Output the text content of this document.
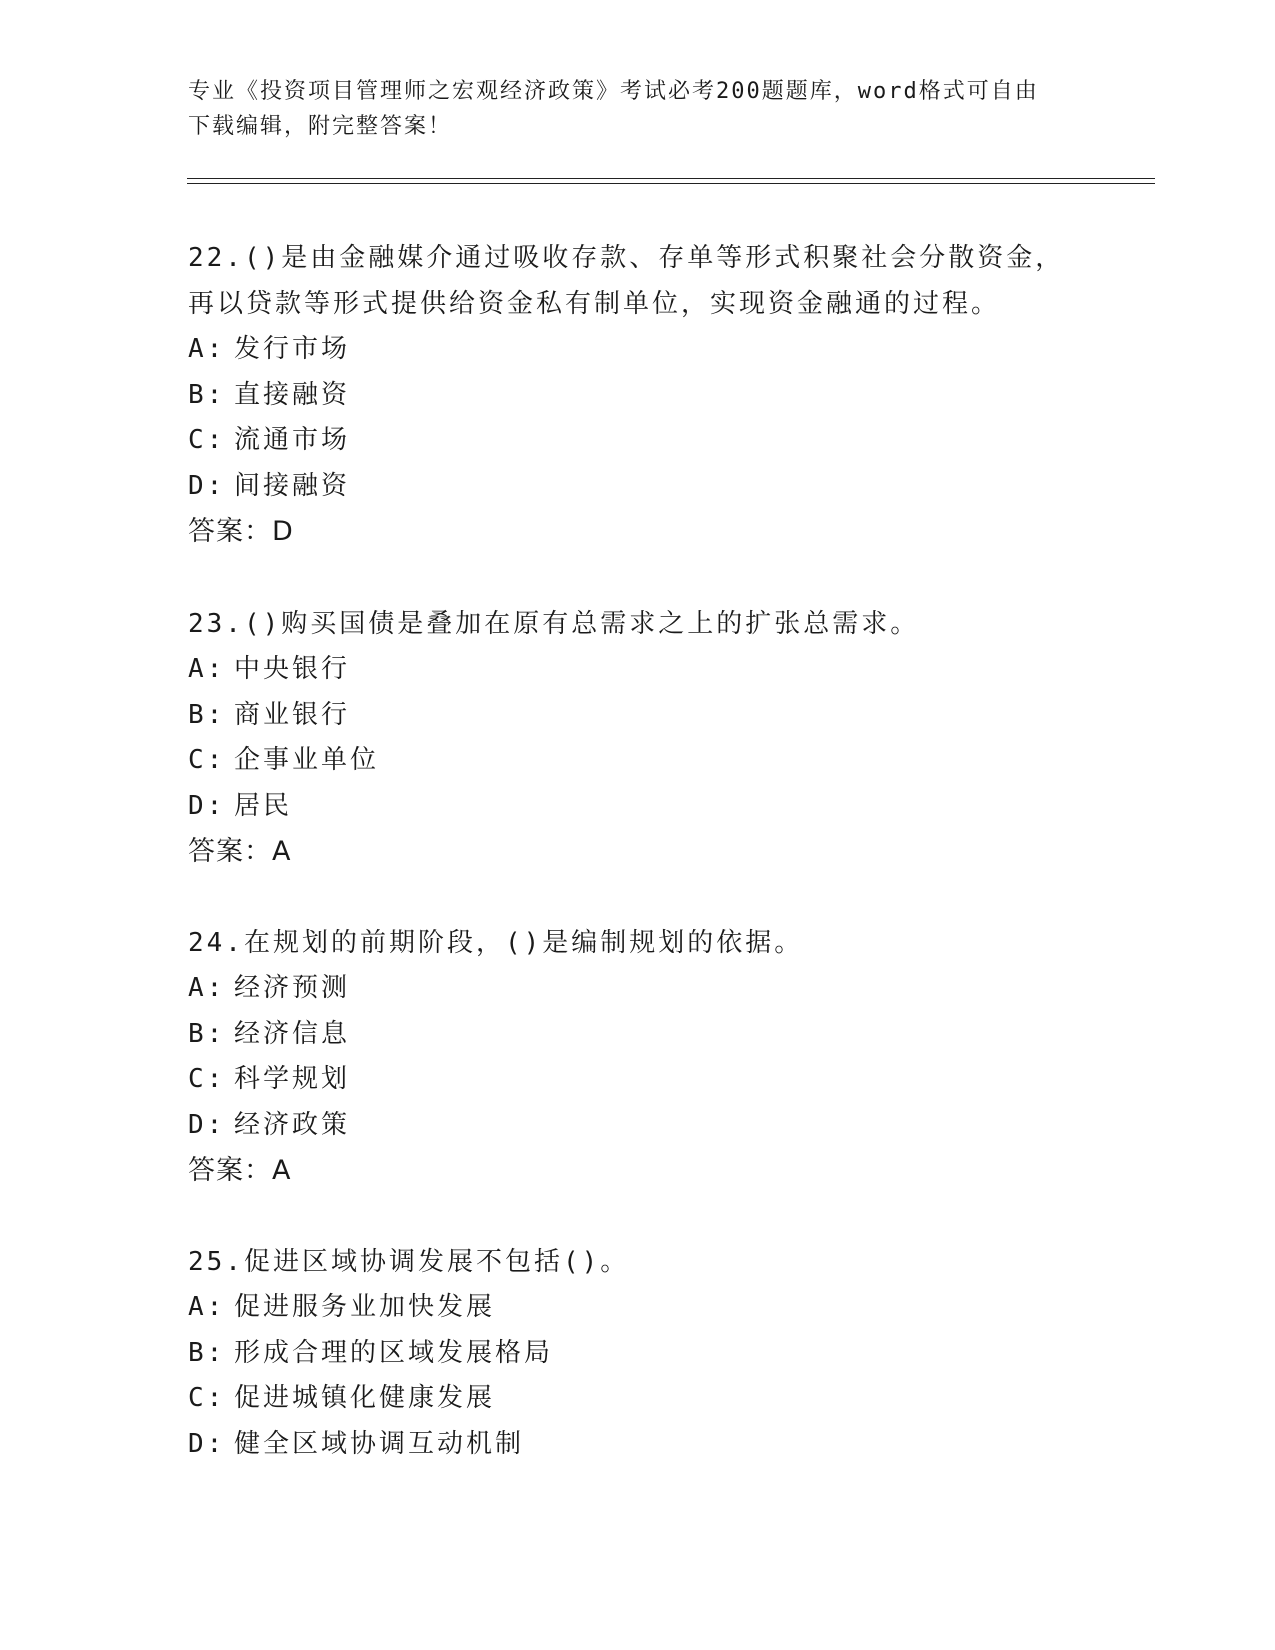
专业《投资项目管理师之宏观经济政策》考试必考200题题库，word格式可自由
下载编辑，附完整答案！

22.()是由金融媒介通过吸收存款、存单等形式积聚社会分散资金，再以贷款等形式提供给资金私有制单位，实现资金融通的过程。

A: 发行市场

B: 直接融资

C: 流通市场

D: 间接融资

答案：D

23.()购买国债是叠加在原有总需求之上的扩张总需求。

A: 中央银行

B: 商业银行

C: 企事业单位

D: 居民

答案：A

24.在规划的前期阶段，()是编制规划的依据。

A: 经济预测

B: 经济信息

C: 科学规划

D: 经济政策

答案：A

25.促进区域协调发展不包括()。

A: 促进服务业加快发展

B: 形成合理的区域发展格局

C: 促进城镇化健康发展

D: 健全区域协调互动机制
